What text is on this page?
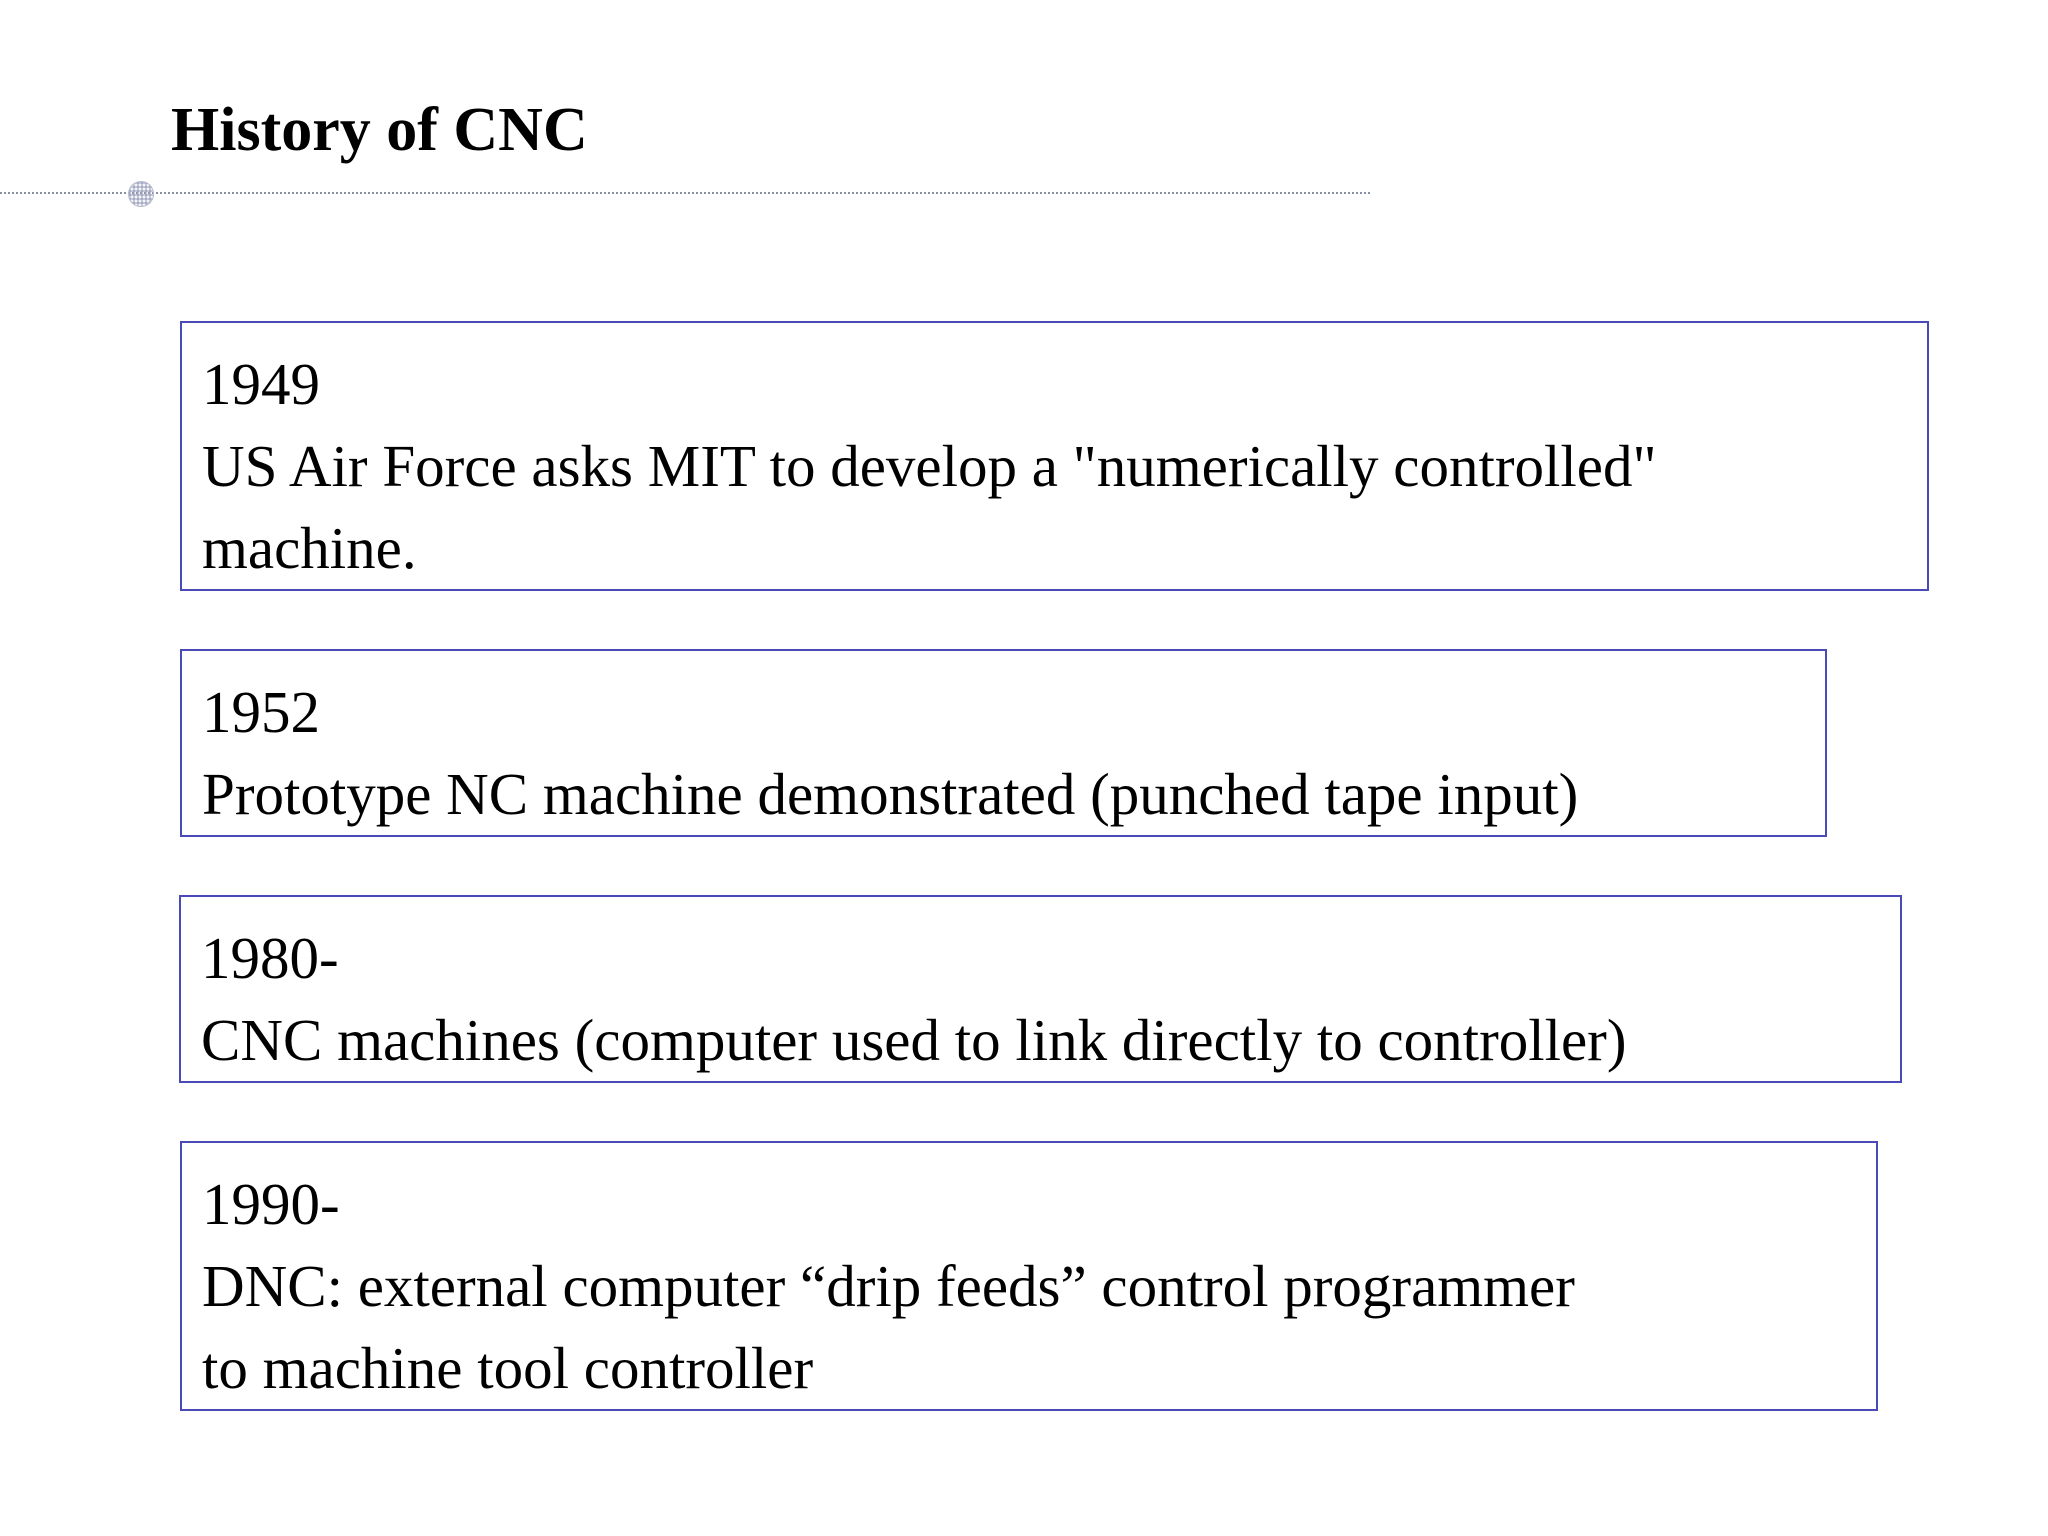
History of CNC
1949
US Air Force asks MIT to develop a "numerically controlled"
machine.
1952
Prototype NC machine demonstrated (punched tape input)
1980-
CNC machines (computer used to link directly to controller)
1990-
DNC: external computer “drip feeds” control programmer
to machine tool controller
